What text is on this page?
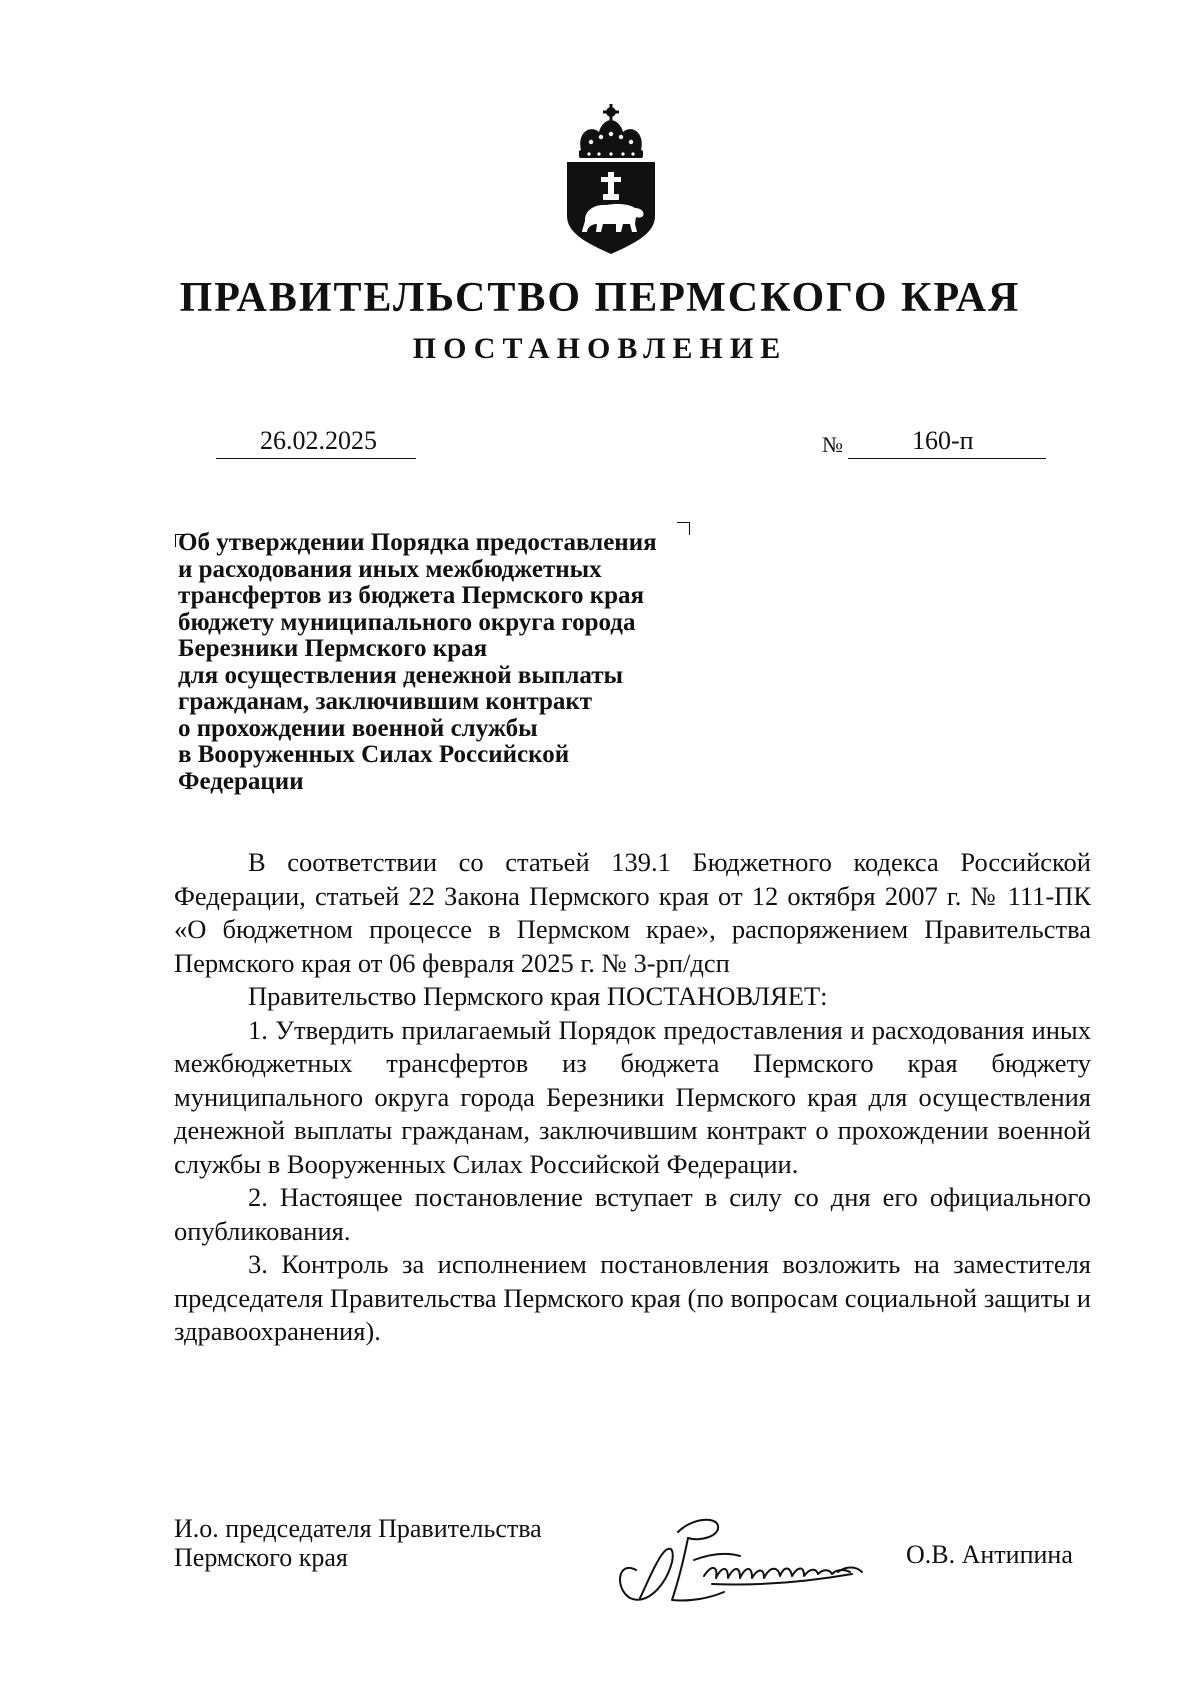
ПРАВИТЕЛЬСТВО ПЕРМСКОГО КРАЯ
ПОСТАНОВЛЕНИЕ
26.02.2025	№	160-п
Об утверждении Порядка предоставления
и расходования иных межбюджетных
трансфертов из бюджета Пермского края
бюджету муниципального округа города
Березники Пермского края
для осуществления денежной выплаты
гражданам, заключившим контракт
о прохождении военной службы
в Вооруженных Силах Российской
Федерации

В соответствии со статьей 139.1 Бюджетного кодекса Российской Федерации, статьей 22 Закона Пермского края от 12 октября 2007 г. № 111-ПК «О бюджетном процессе в Пермском крае», распоряжением Правительства Пермского края от 06 февраля 2025 г. № 3-рп/дсп

Правительство Пермского края ПОСТАНОВЛЯЕТ:

1. Утвердить прилагаемый Порядок предоставления и расходования иных межбюджетных трансфертов из бюджета Пермского края бюджету муниципального округа города Березники Пермского края для осуществления денежной выплаты гражданам, заключившим контракт о прохождении военной службы в Вооруженных Силах Российской Федерации.

2. Настоящее постановление вступает в силу со дня его официального опубликования.

3. Контроль за исполнением постановления возложить на заместителя председателя Правительства Пермского края (по вопросам социальной защиты и здравоохранения).

И.о. председателя Правительства
Пермского края	О.В. Антипина
